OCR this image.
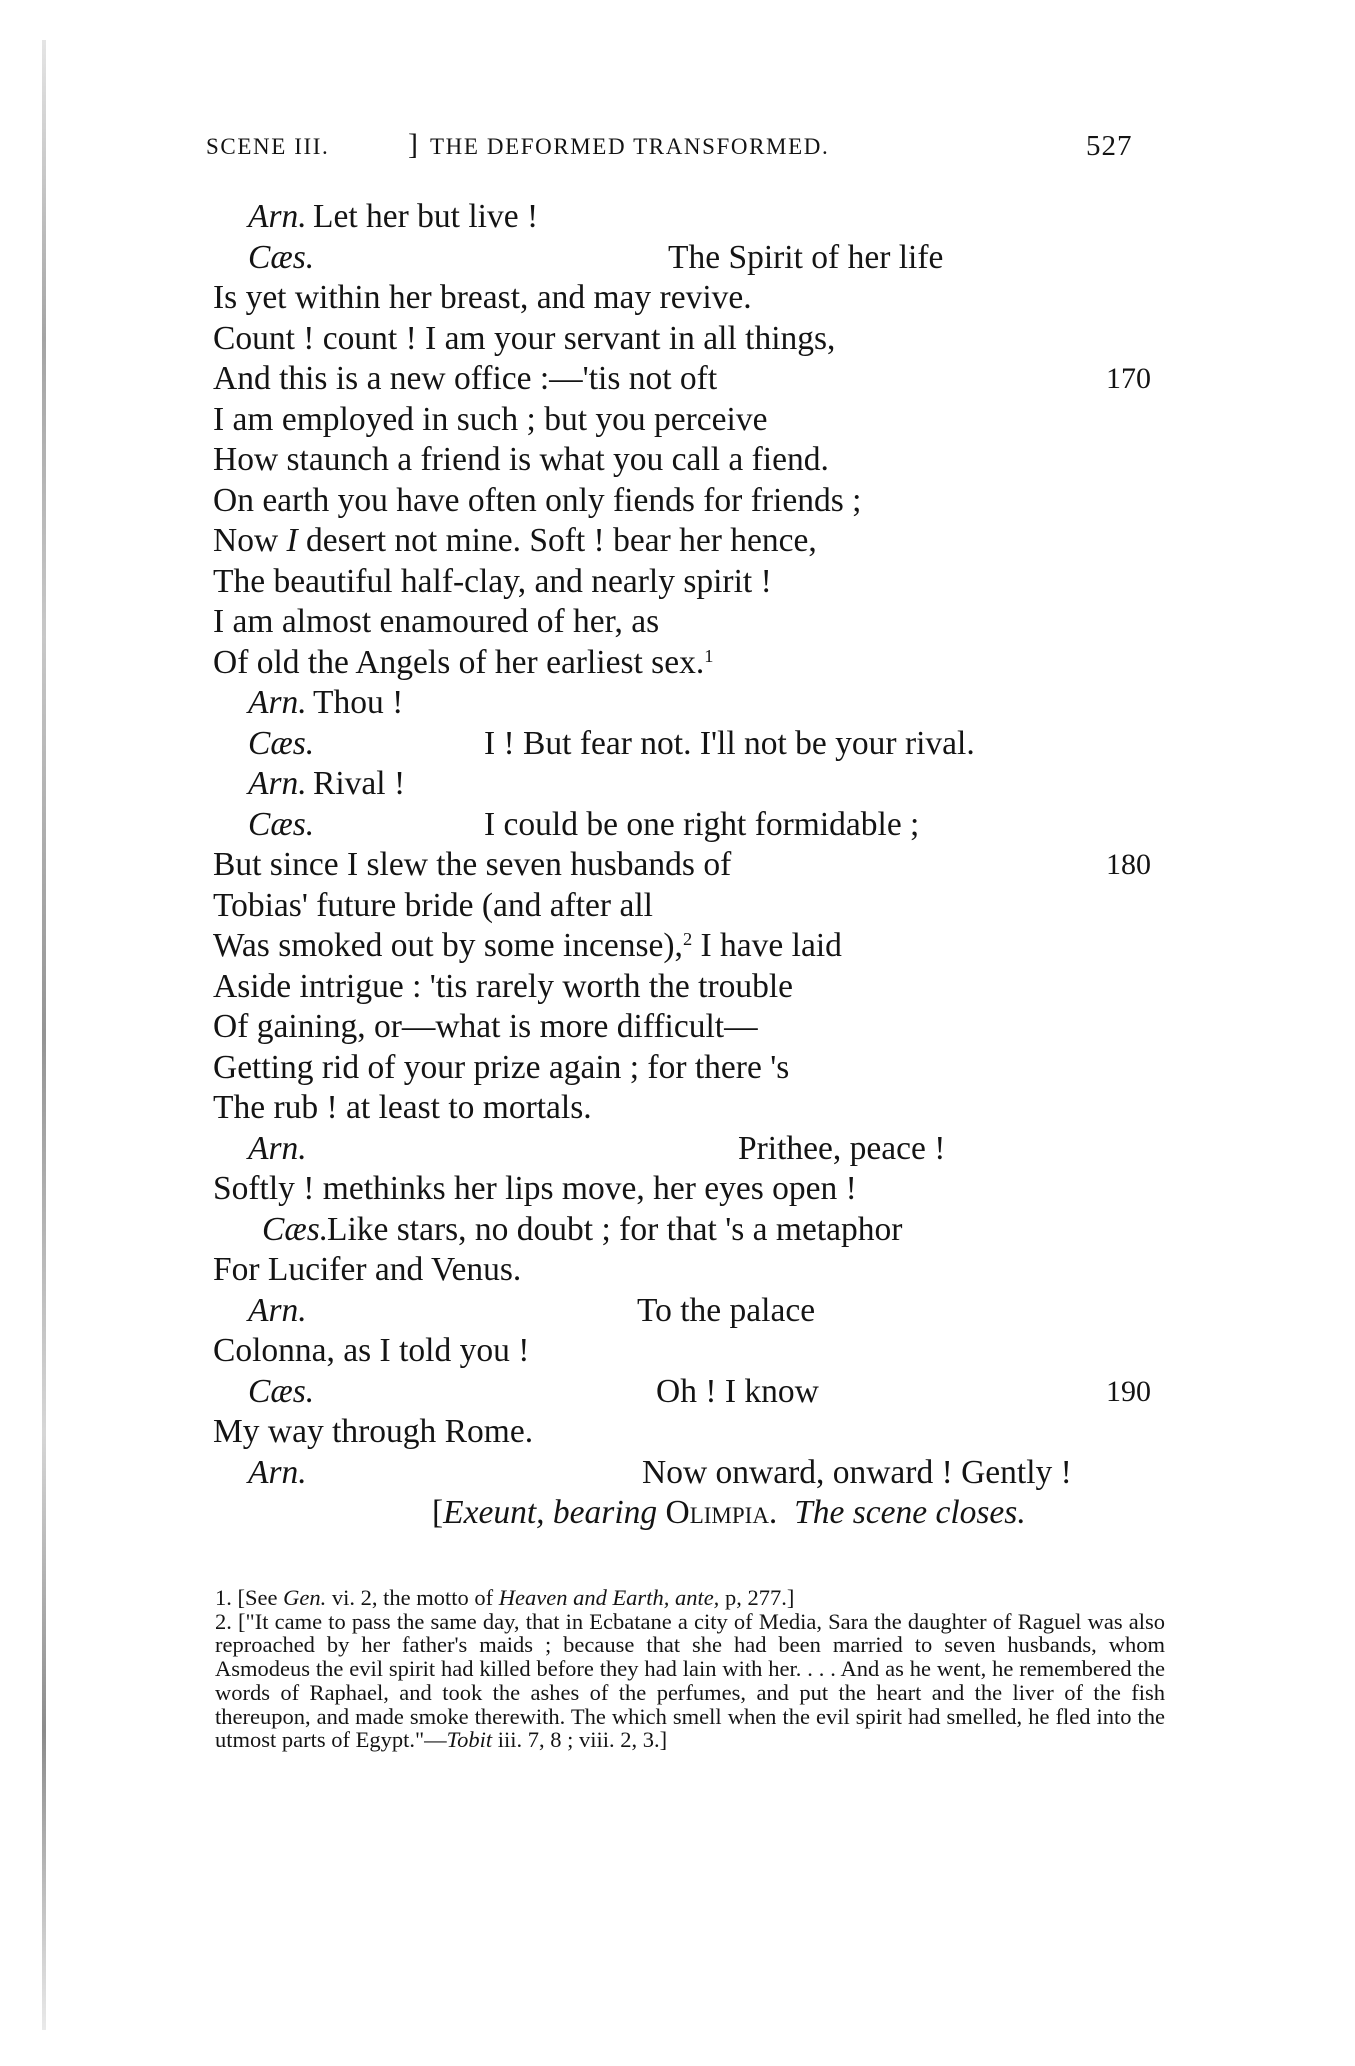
SCENE III.	] THE DEFORMED TRANSFORMED.	527
Arn. Let her but live !
Cæs.	The Spirit of her life
Is yet within her breast, and may revive.
Count ! count ! I am your servant in all things,
And this is a new office :—'tis not oft	170
I am employed in such ; but you perceive
How staunch a friend is what you call a fiend.
On earth you have often only fiends for friends ;
Now I desert not mine. Soft ! bear her hence,
The beautiful half-clay, and nearly spirit !
I am almost enamoured of her, as
Of old the Angels of her earliest sex.$^1$
Arn. Thou !
Cæs.	I ! But fear not. I'll not be your rival.
Arn. Rival !
Cæs.	I could be one right formidable ;
But since I slew the seven husbands of	180
Tobias' future bride (and after all
Was smoked out by some incense),$^2$ I have laid
Aside intrigue : 'tis rarely worth the trouble
Of gaining, or—what is more difficult—
Getting rid of your prize again ; for there 's
The rub ! at least to mortals.
Arn.	Prithee, peace !
Softly ! methinks her lips move, her eyes open !
Cæs.
Like stars, no doubt ; for that 's a metaphor
For Lucifer and Venus.
Arn.	To the palace
Colonna, as I told you !
Cæs.	Oh ! I know	190
My way through Rome.
Arn.	Now onward, onward ! Gently !
[Exeunt, bearing Olimpia. The scene closes.
1. [See Gen. vi. 2, the motto of Heaven and Earth, ante, p, 277.]
2. ["It came to pass the same day, that in Ecbatane a city of Media, Sara the daughter of Raguel was also reproached by her father's maids ; because that she had been married to seven husbands, whom Asmodeus the evil spirit had killed before they had lain with her. . . . And as he went, he remembered the words of Raphael, and took the ashes of the perfumes, and put the heart and the liver of the fish thereupon, and made smoke therewith. The which smell when the evil spirit had smelled, he fled into the utmost parts of Egypt."—Tobit iii. 7, 8 ; viii. 2, 3.]
